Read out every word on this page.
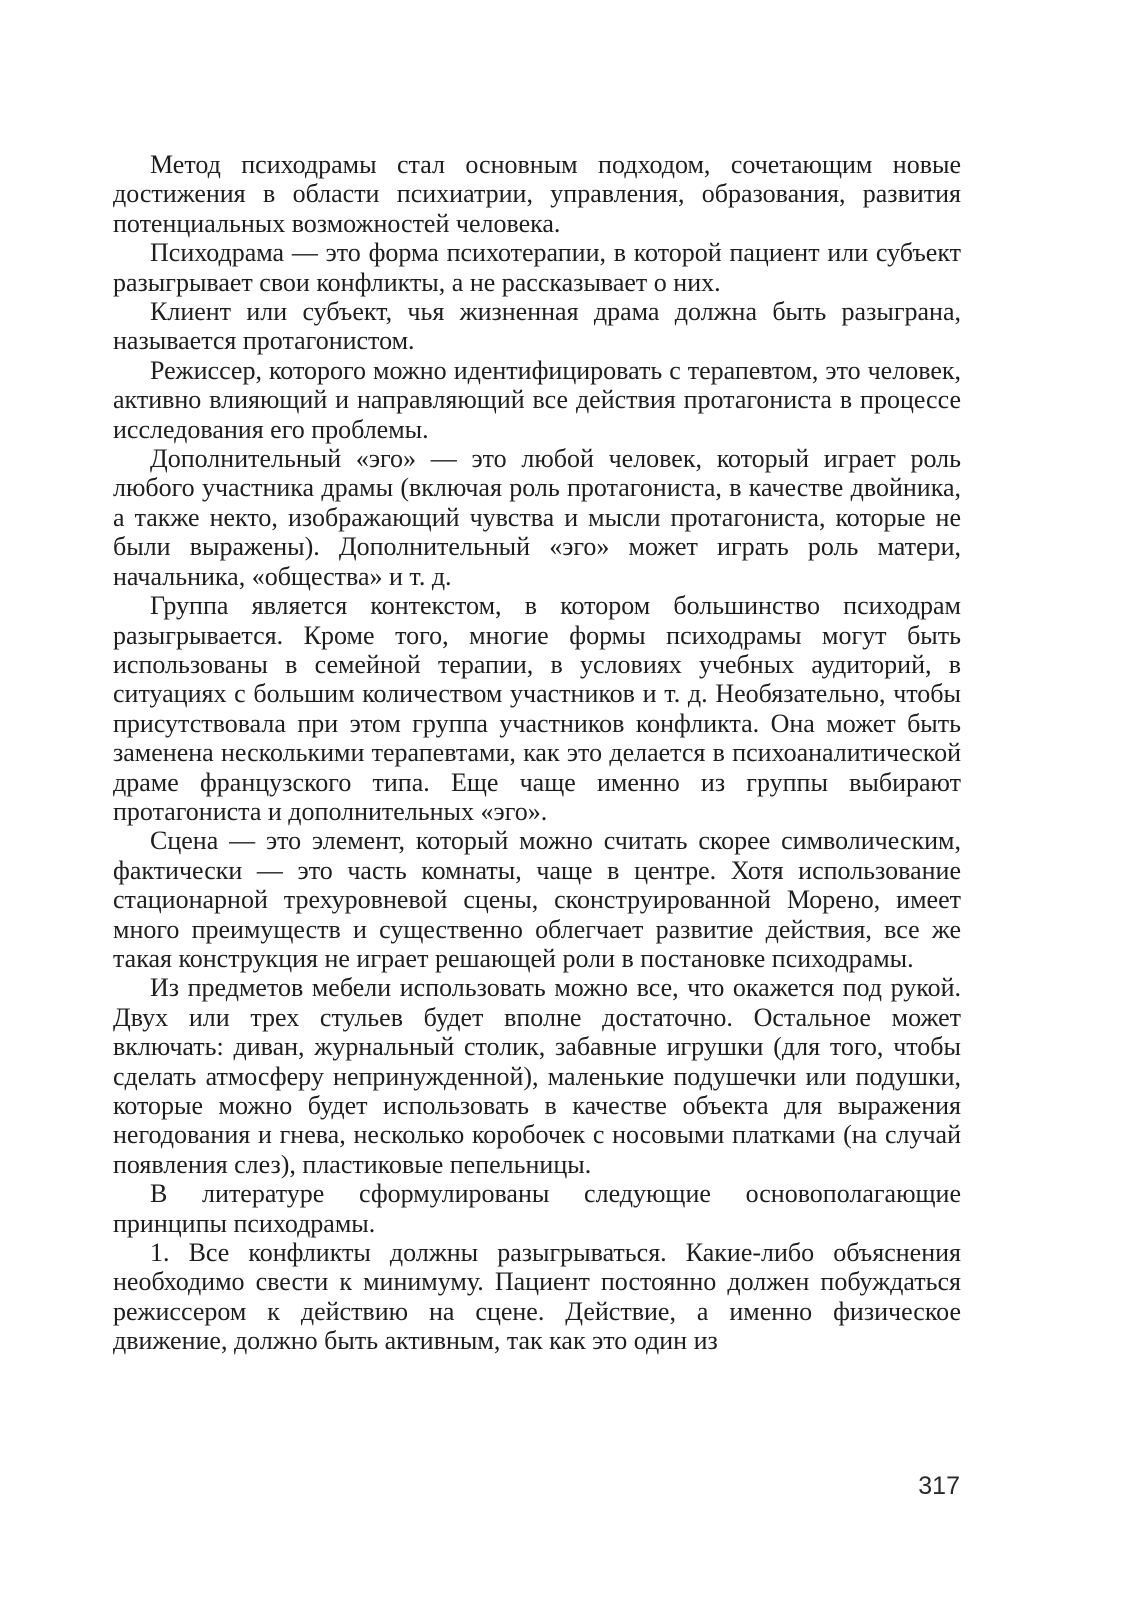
Метод психодрамы стал основным подходом, сочетающим новые достижения в области психиатрии, управления, образования, развития потенциальных возможностей человека.

Психодрама — это форма психотерапии, в которой пациент или субъект разыгрывает свои конфликты, а не рассказывает о них.

Клиент или субъект, чья жизненная драма должна быть разыграна, называется протагонистом.

Режиссер, которого можно идентифицировать с терапевтом, это человек, активно влияющий и направляющий все действия протагониста в процессе исследования его проблемы.

Дополнительный «эго» — это любой человек, который играет роль любого участника драмы (включая роль протагониста, в качестве двойника, а также некто, изображающий чувства и мысли протагониста, которые не были выражены). Дополнительный «эго» может играть роль матери, начальника, «общества» и т. д.

Группа является контекстом, в котором большинство психодрам разыгрывается. Кроме того, многие формы психодрамы могут быть использованы в семейной терапии, в условиях учебных аудиторий, в ситуациях с большим количеством участников и т. д. Необязательно, чтобы присутствовала при этом группа участников конфликта. Она может быть заменена несколькими терапевтами, как это делается в психоаналитической драме французского типа. Еще чаще именно из группы выбирают протагониста и дополнительных «эго».

Сцена — это элемент, который можно считать скорее символическим, фактически — это часть комнаты, чаще в центре. Хотя использование стационарной трехуровневой сцены, сконструированной Морено, имеет много преимуществ и существенно облегчает развитие действия, все же такая конструкция не играет решающей роли в постановке психодрамы.

Из предметов мебели использовать можно все, что окажется под рукой. Двух или трех стульев будет вполне достаточно. Остальное может включать: диван, журнальный столик, забавные игрушки (для того, чтобы сделать атмосферу непринужденной), маленькие подушечки или подушки, которые можно будет использовать в качестве объекта для выражения негодования и гнева, несколько коробочек с носовыми платками (на случай появления слез), пластиковые пепельницы.

В литературе сформулированы следующие основополагающие принципы психодрамы.

1. Все конфликты должны разыгрываться. Какие-либо объяснения необходимо свести к минимуму. Пациент постоянно должен побуждаться режиссером к действию на сцене. Действие, а именно физическое движение, должно быть активным, так как это один из

317
